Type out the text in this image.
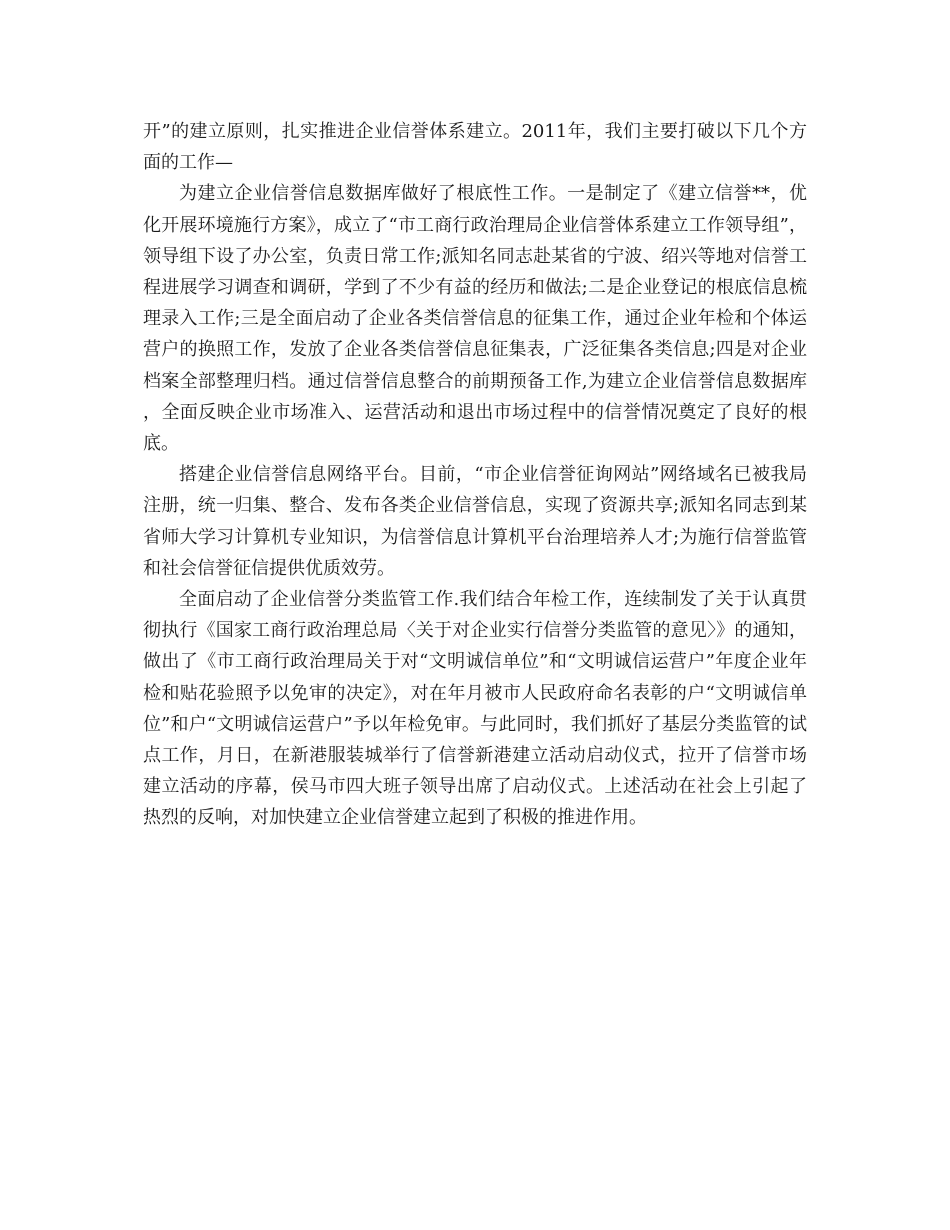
开”的建立原则，扎实推进企业信誉体系建立。2011年，我们主要打破以下几个方面的工作—

为建立企业信誉信息数据库做好了根底性工作。一是制定了《建立信誉**，优化开展环境施行方案》，成立了“市工商行政治理局企业信誉体系建立工作领导组”，领导组下设了办公室，负责日常工作;派知名同志赴某省的宁波、绍兴等地对信誉工程进展学习调查和调研，学到了不少有益的经历和做法;二是企业登记的根底信息梳理录入工作;三是全面启动了企业各类信誉信息的征集工作，通过企业年检和个体运营户的换照工作，发放了企业各类信誉信息征集表，广泛征集各类信息;四是对企业档案全部整理归档。通过信誉信息整合的前期预备工作,为建立企业信誉信息数据库，全面反映企业市场准入、运营活动和退出市场过程中的信誉情况奠定了良好的根底。

搭建企业信誉信息网络平台。目前，“市企业信誉征询网站”网络域名已被我局注册，统一归集、整合、发布各类企业信誉信息，实现了资源共享;派知名同志到某省师大学习计算机专业知识，为信誉信息计算机平台治理培养人才;为施行信誉监管和社会信誉征信提供优质效劳。

全面启动了企业信誉分类监管工作.我们结合年检工作，连续制发了关于认真贯彻执行《国家工商行政治理总局〈关于对企业实行信誉分类监管的意见〉》的通知，做出了《市工商行政治理局关于对“文明诚信单位”和“文明诚信运营户”年度企业年检和贴花验照予以免审的决定》，对在年月被市人民政府命名表彰的户“文明诚信单位”和户“文明诚信运营户”予以年检免审。与此同时，我们抓好了基层分类监管的试点工作，月日，在新港服装城举行了信誉新港建立活动启动仪式，拉开了信誉市场建立活动的序幕，侯马市四大班子领导出席了启动仪式。上述活动在社会上引起了热烈的反响，对加快建立企业信誉建立起到了积极的推进作用。
